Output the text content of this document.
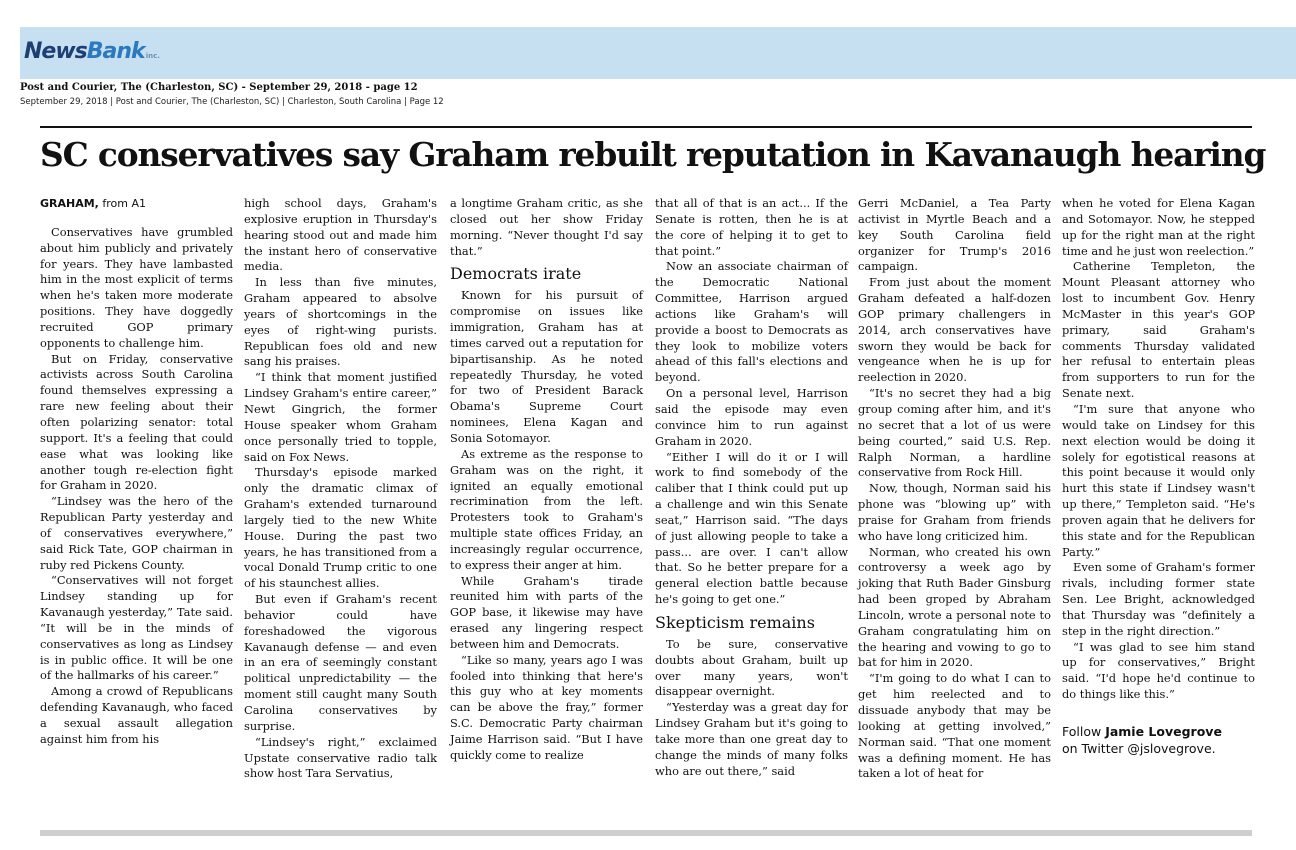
NewsBankinc.
Post and Courier, The (Charleston, SC) - September 29, 2018 - page 12
September 29, 2018 | Post and Courier, The (Charleston, SC) | Charleston, South Carolina | Page 12
SC conservatives say Graham rebuilt reputation in Kavanaugh hearing

GRAHAM, from A1

Conservatives have grumbled about him publicly and privately for years. They have lambasted him in the most explicit of terms when he's taken more moderate positions. They have doggedly recruited GOP primary opponents to challenge him.

But on Friday, conservative activists across South Carolina found themselves expressing a rare new feeling about their often polarizing senator: total support. It's a feeling that could ease what was looking like another tough re-election fight for Graham in 2020.

“Lindsey was the hero of the Republican Party yesterday and of conservatives everywhere,” said Rick Tate, GOP chairman in ruby red Pickens County.

“Conservatives will not forget Lindsey standing up for Kavanaugh yesterday,” Tate said. “It will be in the minds of conservatives as long as Lindsey is in public office. It will be one of the hallmarks of his career.”

Among a crowd of Republicans defending Kavanaugh, who faced a sexual assault allegation against him from his

high school days, Graham's explosive eruption in Thursday's hearing stood out and made him the instant hero of conservative media.

In less than five minutes, Graham appeared to absolve years of shortcomings in the eyes of right-wing purists. Republican foes old and new sang his praises.

“I think that moment justified Lindsey Graham's entire career,” Newt Gingrich, the former House speaker whom Graham once personally tried to topple, said on Fox News.

Thursday's episode marked only the dramatic climax of Graham's extended turnaround largely tied to the new White House. During the past two years, he has transitioned from a vocal Donald Trump critic to one of his staunchest allies.

But even if Graham's recent behavior could have foreshadowed the vigorous Kavanaugh defense — and even in an era of seemingly constant political unpredictability — the moment still caught many South Carolina conservatives by surprise.

“Lindsey's right,” exclaimed Upstate conservative radio talk show host Tara Servatius,

a longtime Graham critic, as she closed out her show Friday morning. “Never thought I'd say that.”

Democrats irate

Known for his pursuit of compromise on issues like immigration, Graham has at times carved out a reputation for bipartisanship. As he noted repeatedly Thursday, he voted for two of President Barack Obama's Supreme Court nominees, Elena Kagan and Sonia Sotomayor.

As extreme as the response to Graham was on the right, it ignited an equally emotional recrimination from the left. Protesters took to Graham's multiple state offices Friday, an increasingly regular occurrence, to express their anger at him.

While Graham's tirade reunited him with parts of the GOP base, it likewise may have erased any lingering respect between him and Democrats.

“Like so many, years ago I was fooled into thinking that here's this guy who at key moments can be above the fray,” former S.C. Democratic Party chairman Jaime Harrison said. “But I have quickly come to realize

that all of that is an act... If the Senate is rotten, then he is at the core of helping it to get to that point.”

Now an associate chairman of the Democratic National Committee, Harrison argued actions like Graham's will provide a boost to Democrats as they look to mobilize voters ahead of this fall's elections and beyond.

On a personal level, Harrison said the episode may even convince him to run against Graham in 2020.

“Either I will do it or I will work to find somebody of the caliber that I think could put up a challenge and win this Senate seat,” Harrison said. “The days of just allowing people to take a pass... are over. I can't allow that. So he better prepare for a general election battle because he's going to get one.”

Skepticism remains

To be sure, conservative doubts about Graham, built up over many years, won't disappear overnight.

“Yesterday was a great day for Lindsey Graham but it's going to take more than one great day to change the minds of many folks who are out there,” said

Gerri McDaniel, a Tea Party activist in Myrtle Beach and a key South Carolina field organizer for Trump's 2016 campaign.

From just about the moment Graham defeated a half-dozen GOP primary challengers in 2014, arch conservatives have sworn they would be back for vengeance when he is up for reelection in 2020.

“It's no secret they had a big group coming after him, and it's no secret that a lot of us were being courted,” said U.S. Rep. Ralph Norman, a hardline conservative from Rock Hill.

Now, though, Norman said his phone was “blowing up” with praise for Graham from friends who have long criticized him.

Norman, who created his own controversy a week ago by joking that Ruth Bader Ginsburg had been groped by Abraham Lincoln, wrote a personal note to Graham congratulating him on the hearing and vowing to go to bat for him in 2020.

“I'm going to do what I can to get him reelected and to dissuade anybody that may be looking at getting involved,” Norman said. “That one moment was a defining moment. He has taken a lot of heat for

when he voted for Elena Kagan and Sotomayor. Now, he stepped up for the right man at the right time and he just won reelection.”

Catherine Templeton, the Mount Pleasant attorney who lost to incumbent Gov. Henry McMaster in this year's GOP primary, said Graham's comments Thursday validated her refusal to entertain pleas from supporters to run for the Senate next.

“I'm sure that anyone who would take on Lindsey for this next election would be doing it solely for egotistical reasons at this point because it would only hurt this state if Lindsey wasn't up there,” Templeton said. “He's proven again that he delivers for this state and for the Republican Party.”

Even some of Graham's former rivals, including former state Sen. Lee Bright, acknowledged that Thursday was “definitely a step in the right direction.”

“I was glad to see him stand up for conservatives,” Bright said. “I'd hope he'd continue to do things like this.”

Follow Jamie Lovegrove
on Twitter @jslovegrove.
